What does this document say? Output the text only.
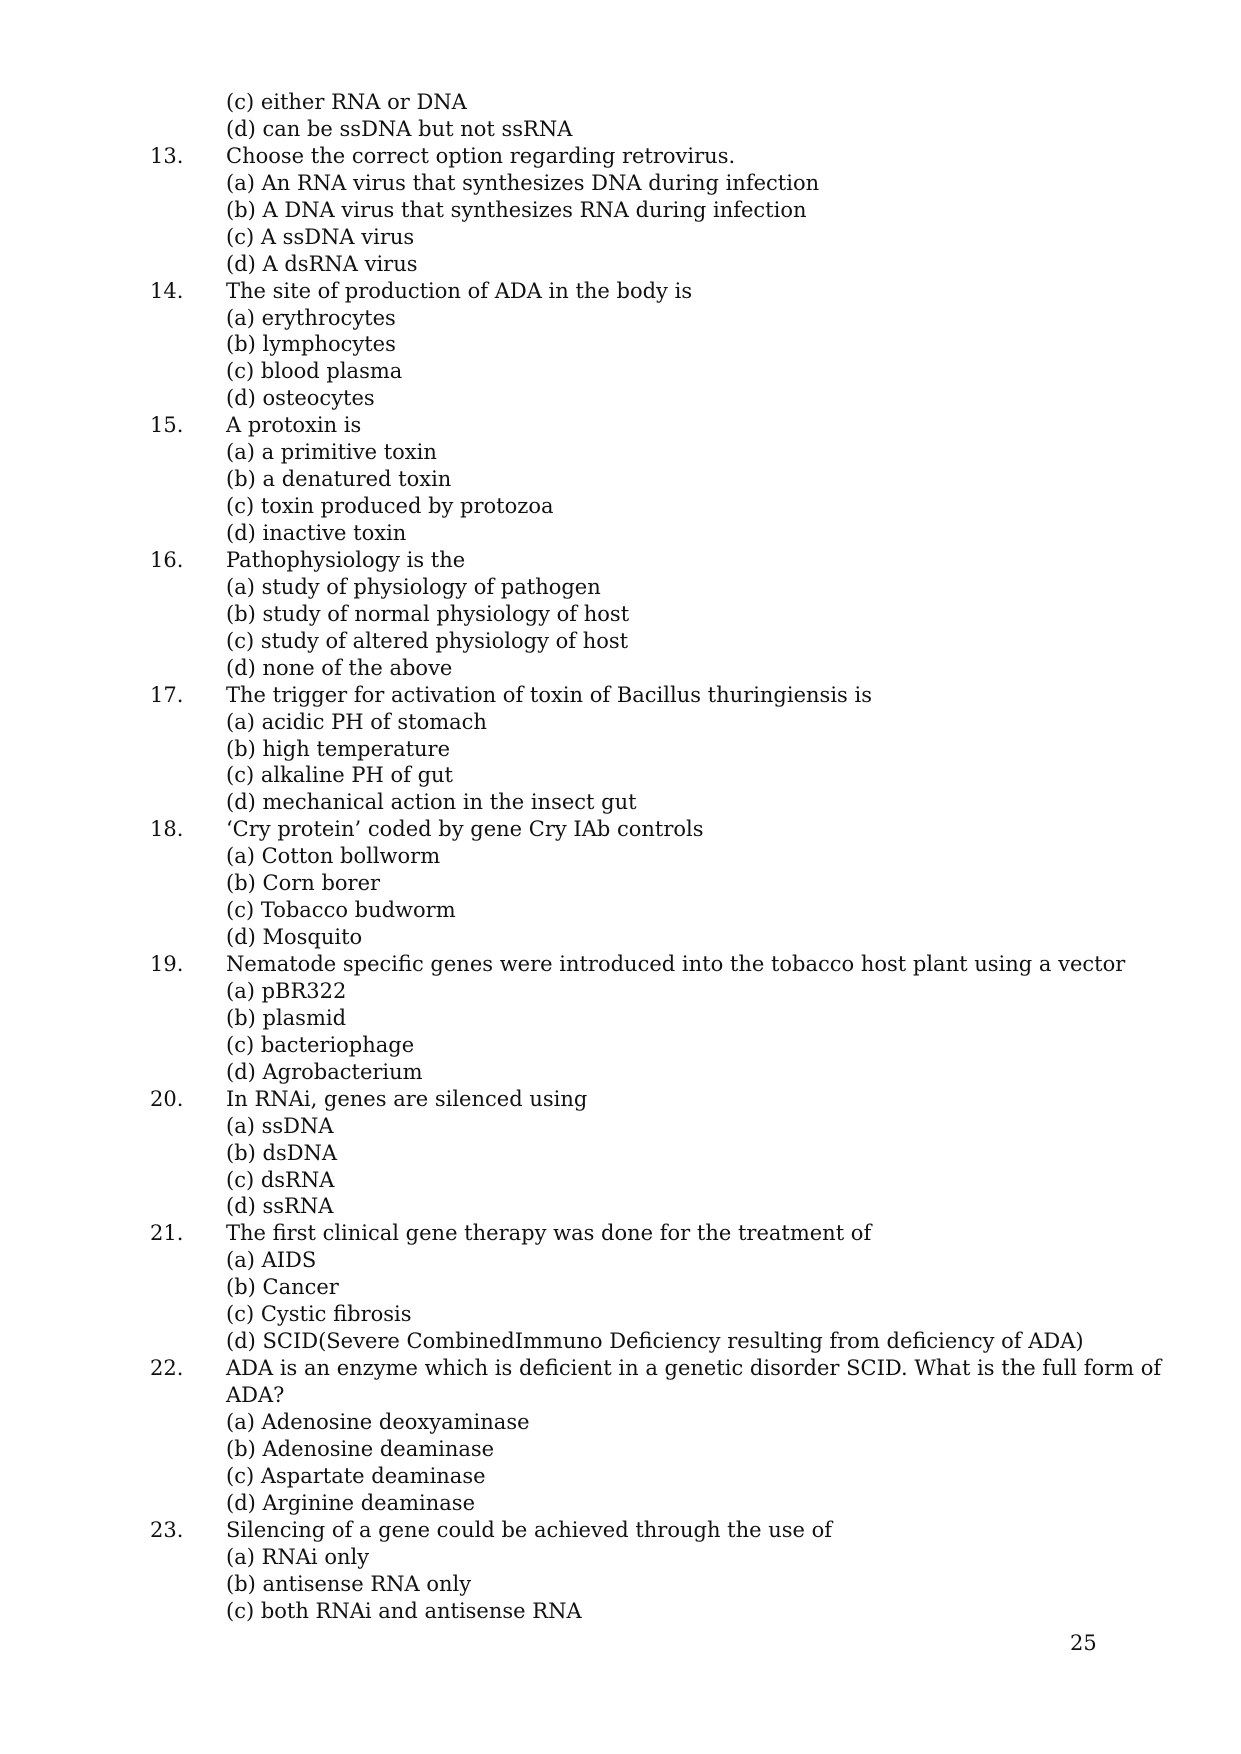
(c) either RNA or DNA
(d) can be ssDNA but not ssRNA
13. Choose the correct option regarding retrovirus.
(a) An RNA virus that synthesizes DNA during infection
(b) A DNA virus that synthesizes RNA during infection
(c) A ssDNA virus
(d) A dsRNA virus
14. The site of production of ADA in the body is
(a) erythrocytes
(b) lymphocytes
(c) blood plasma
(d) osteocytes
15. A protoxin is
(a) a primitive toxin
(b) a denatured toxin
(c) toxin produced by protozoa
(d) inactive toxin
16. Pathophysiology is the
(a) study of physiology of pathogen
(b) study of normal physiology of host
(c) study of altered physiology of host
(d) none of the above
17. The trigger for activation of toxin of Bacillus thuringiensis is
(a) acidic PH of stomach
(b) high temperature
(c) alkaline PH of gut
(d) mechanical action in the insect gut
18. ‘Cry protein’ coded by gene Cry IAb controls
(a) Cotton bollworm
(b) Corn borer
(c) Tobacco budworm
(d) Mosquito
19. Nematode specific genes were introduced into the tobacco host plant using a vector
(a) pBR322
(b) plasmid
(c) bacteriophage
(d) Agrobacterium
20. In RNAi, genes are silenced using
(a) ssDNA
(b) dsDNA
(c) dsRNA
(d) ssRNA
21. The first clinical gene therapy was done for the treatment of
(a) AIDS
(b) Cancer
(c) Cystic fibrosis
(d) SCID(Severe CombinedImmuno Deficiency resulting from deficiency of ADA)
22. ADA is an enzyme which is deficient in a genetic disorder SCID. What is the full form of
ADA?
(a) Adenosine deoxyaminase
(b) Adenosine deaminase
(c) Aspartate deaminase
(d) Arginine deaminase
23. Silencing of a gene could be achieved through the use of
(a) RNAi only
(b) antisense RNA only
(c) both RNAi and antisense RNA
25
